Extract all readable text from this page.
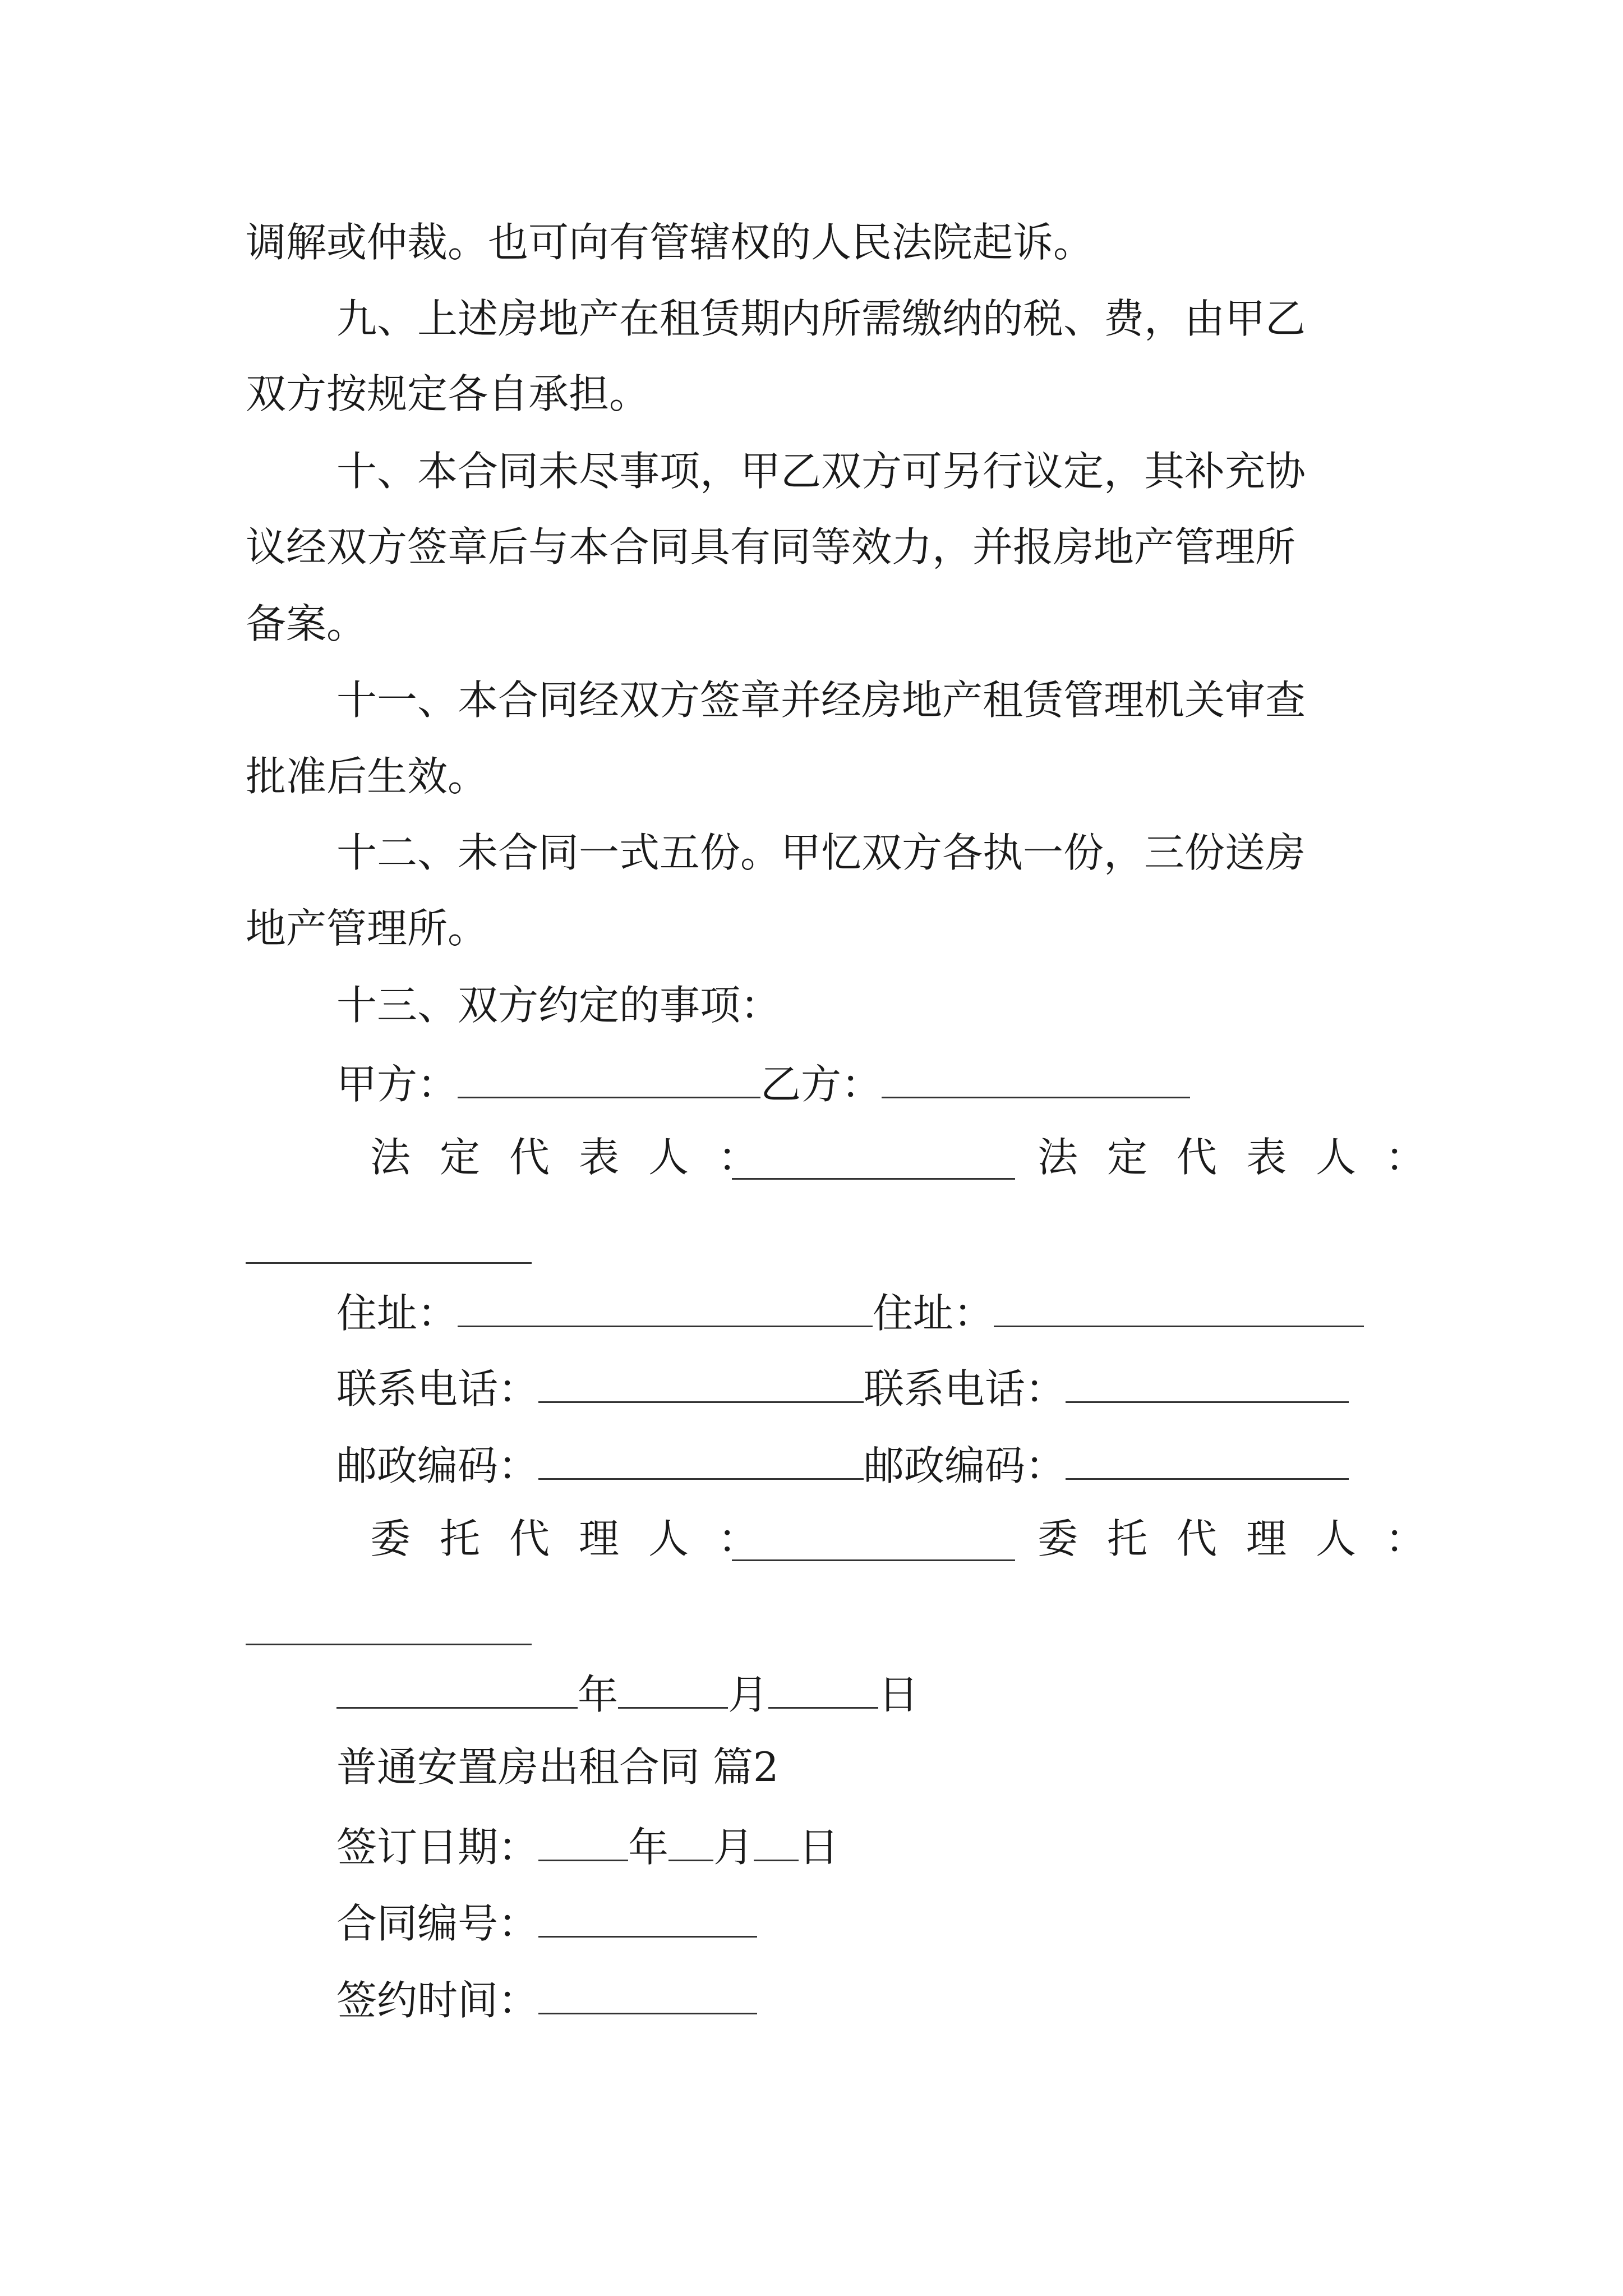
调解或仲裁。也可向有管辖权的人民法院起诉。
九、上述房地产在租赁期内所需缴纳的税、费，由甲乙
双方按规定各自承担。
十、本合同未尽事项，甲乙双方可另行议定，其补充协
议经双方签章后与本合同具有同等效力，并报房地产管理所
备案。
十一、本合同经双方签章并经房地产租赁管理机关审查
批准后生效。
十二、未合同一式五份。甲忆双方各执一份，三份送房
地产管理所。
十三、双方约定的事项：
甲方：	乙方：
法定代表人：	法定代表人：
住址：	住址：
联系电话：	联系电话：
邮政编码：	邮政编码：
委托代理人：	委托代理人：
年	月	日
普通安置房出租合同 篇2
签订日期： 年 月 日
合同编号：
签约时间：
